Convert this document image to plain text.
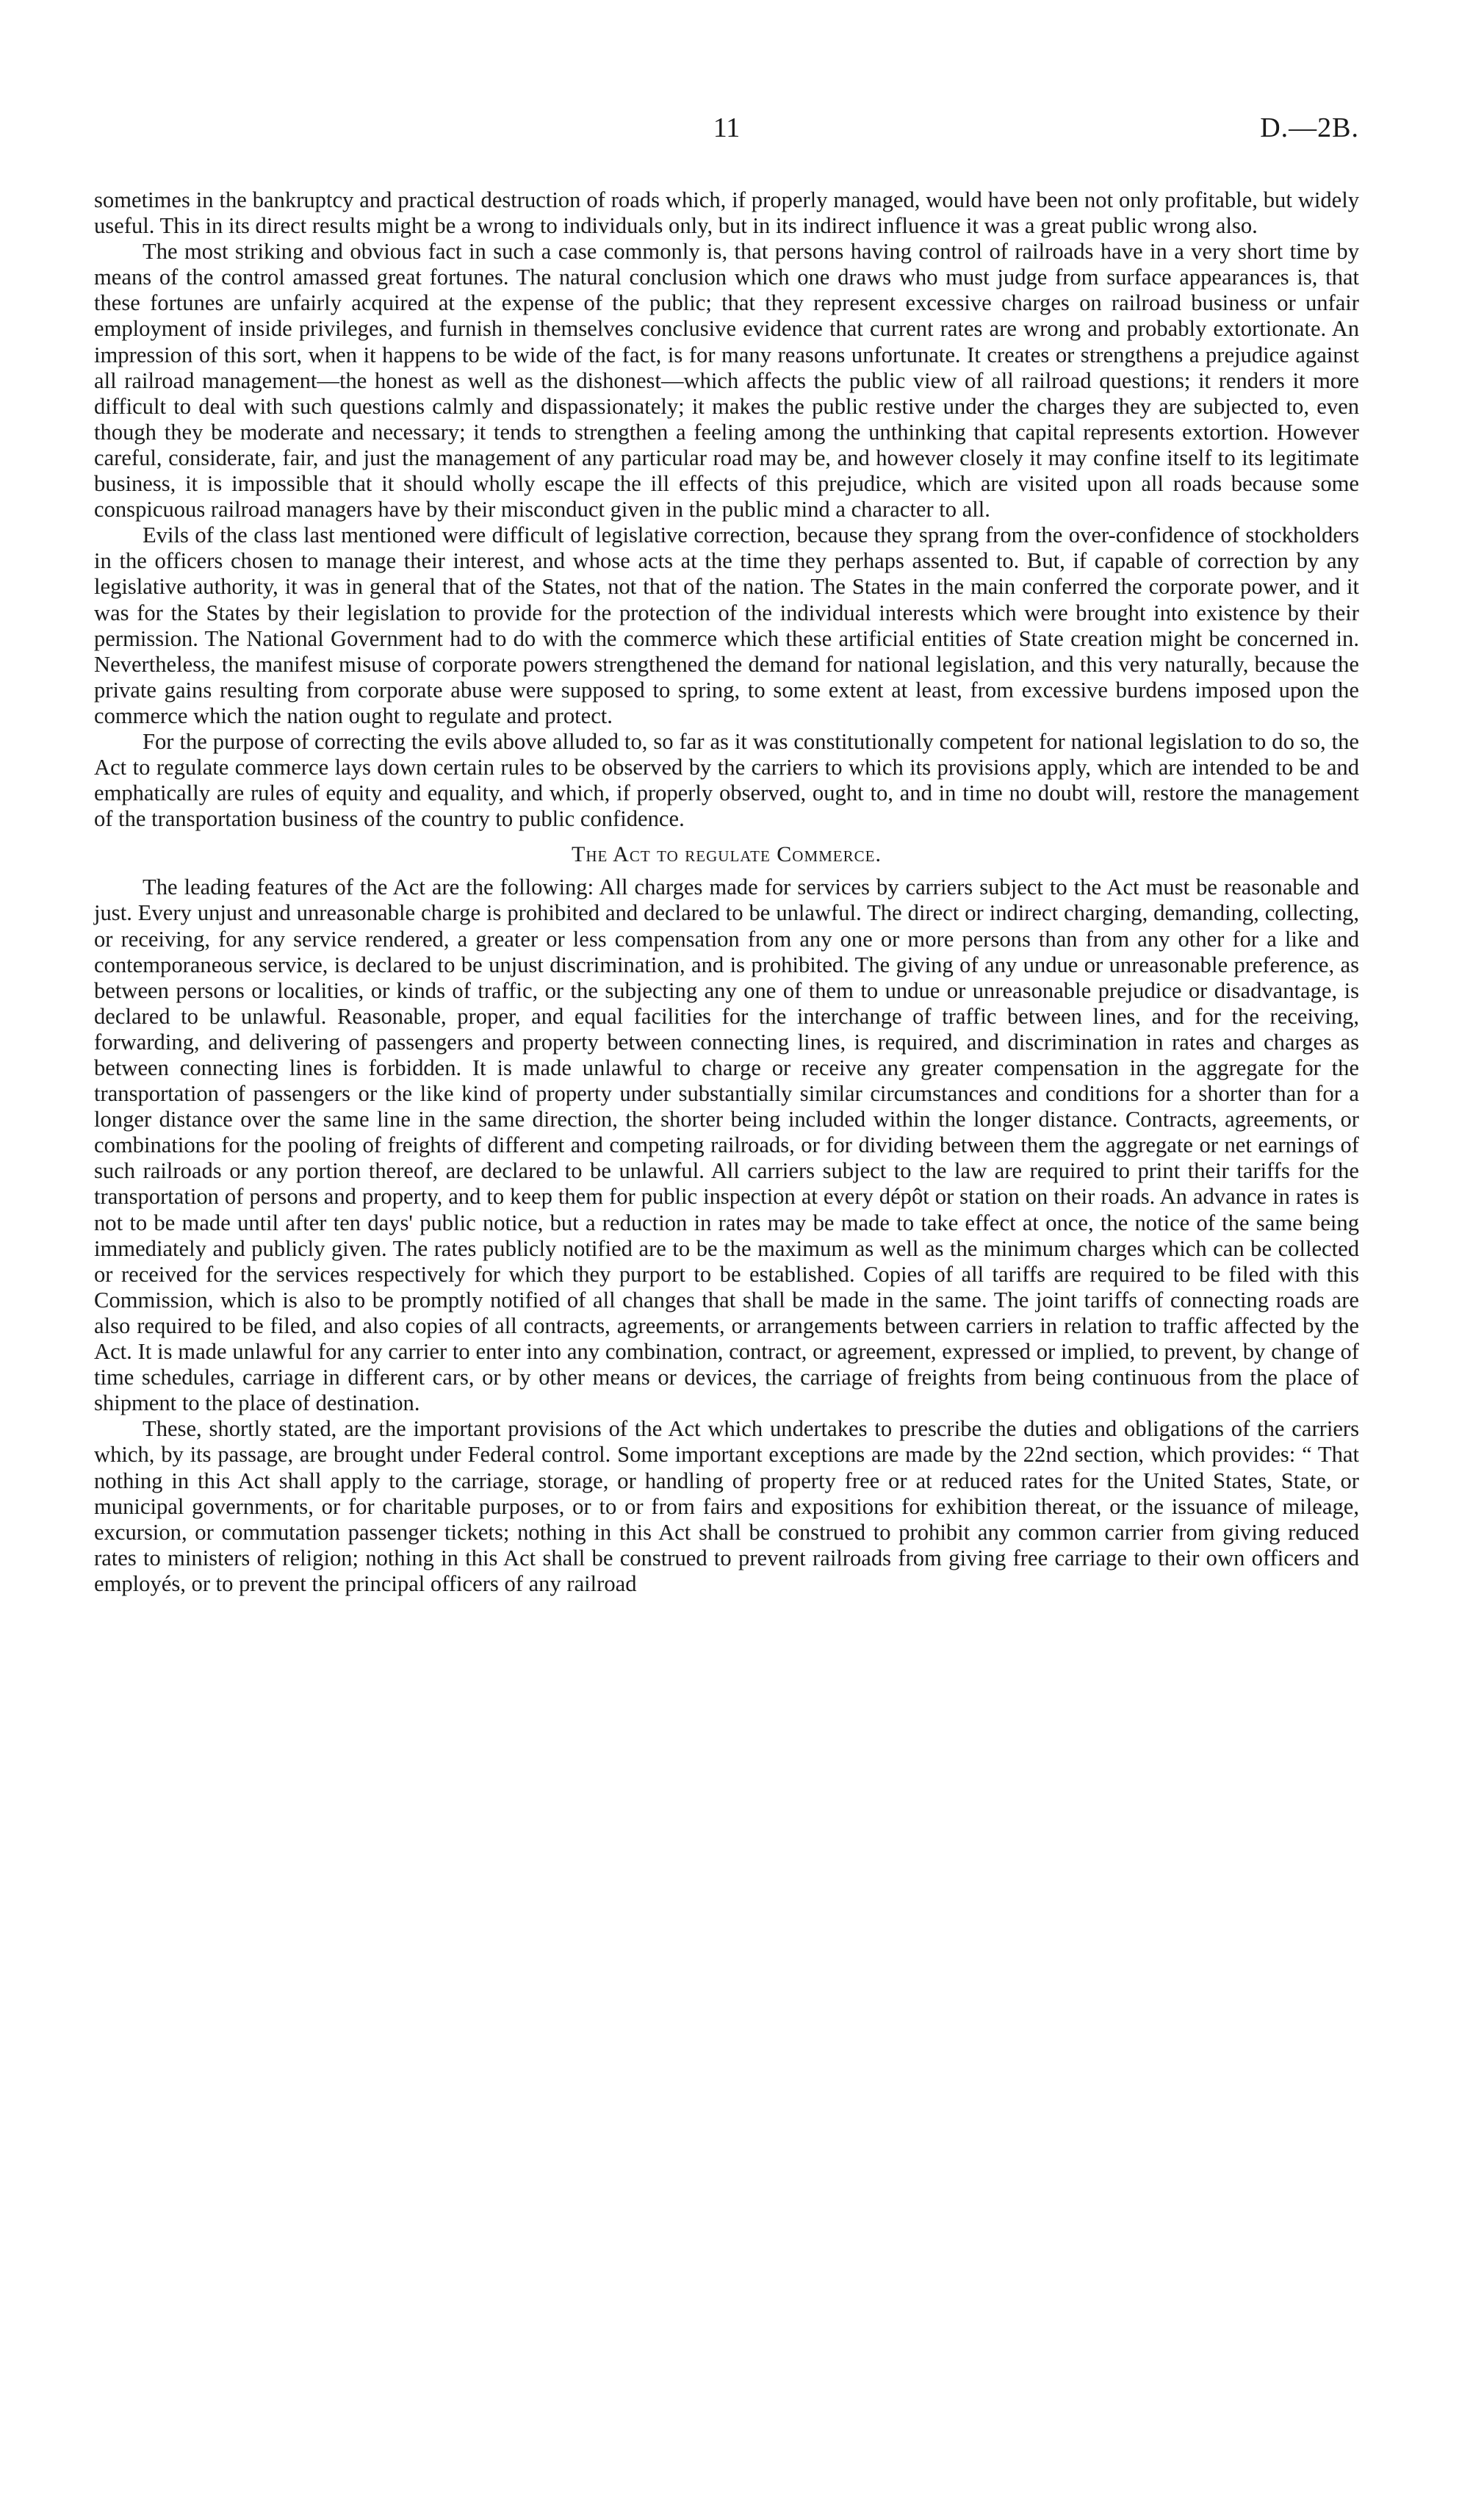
11	D.—2B.

sometimes in the bankruptcy and practical destruction of roads which, if properly managed, would have been not only profitable, but widely useful. This in its direct results might be a wrong to individuals only, but in its indirect influence it was a great public wrong also.

The most striking and obvious fact in such a case commonly is, that persons having control of railroads have in a very short time by means of the control amassed great fortunes. The natural conclusion which one draws who must judge from surface appearances is, that these fortunes are unfairly acquired at the expense of the public; that they represent excessive charges on railroad business or unfair employment of inside privileges, and furnish in themselves conclusive evidence that current rates are wrong and probably extortionate. An impression of this sort, when it happens to be wide of the fact, is for many reasons unfortunate. It creates or strengthens a prejudice against all railroad management—the honest as well as the dishonest—which affects the public view of all railroad questions; it renders it more difficult to deal with such questions calmly and dispassionately; it makes the public restive under the charges they are subjected to, even though they be moderate and necessary; it tends to strengthen a feeling among the unthinking that capital represents extortion. However careful, considerate, fair, and just the management of any particular road may be, and however closely it may confine itself to its legitimate business, it is impossible that it should wholly escape the ill effects of this prejudice, which are visited upon all roads because some conspicuous railroad managers have by their misconduct given in the public mind a character to all.

Evils of the class last mentioned were difficult of legislative correction, because they sprang from the over-confidence of stockholders in the officers chosen to manage their interest, and whose acts at the time they perhaps assented to. But, if capable of correction by any legislative authority, it was in general that of the States, not that of the nation. The States in the main conferred the corporate power, and it was for the States by their legislation to provide for the protection of the individual interests which were brought into existence by their permission. The National Government had to do with the commerce which these artificial entities of State creation might be concerned in. Nevertheless, the manifest misuse of corporate powers strengthened the demand for national legislation, and this very naturally, because the private gains resulting from corporate abuse were supposed to spring, to some extent at least, from excessive burdens imposed upon the commerce which the nation ought to regulate and protect.

For the purpose of correcting the evils above alluded to, so far as it was constitutionally competent for national legislation to do so, the Act to regulate commerce lays down certain rules to be observed by the carriers to which its provisions apply, which are intended to be and emphatically are rules of equity and equality, and which, if properly observed, ought to, and in time no doubt will, restore the management of the transportation business of the country to public confidence.

The Act to regulate Commerce.

The leading features of the Act are the following: All charges made for services by carriers subject to the Act must be reasonable and just. Every unjust and unreasonable charge is prohibited and declared to be unlawful. The direct or indirect charging, demanding, collecting, or receiving, for any service rendered, a greater or less compensation from any one or more persons than from any other for a like and contemporaneous service, is declared to be unjust discrimination, and is prohibited. The giving of any undue or unreasonable preference, as between persons or localities, or kinds of traffic, or the subjecting any one of them to undue or unreasonable prejudice or disadvantage, is declared to be unlawful. Reasonable, proper, and equal facilities for the interchange of traffic between lines, and for the receiving, forwarding, and delivering of passengers and property between connecting lines, is required, and discrimination in rates and charges as between connecting lines is forbidden. It is made unlawful to charge or receive any greater compensation in the aggregate for the transportation of passengers or the like kind of property under substantially similar circumstances and conditions for a shorter than for a longer distance over the same line in the same direction, the shorter being included within the longer distance. Contracts, agreements, or combinations for the pooling of freights of different and competing railroads, or for dividing between them the aggregate or net earnings of such railroads or any portion thereof, are declared to be unlawful. All carriers subject to the law are required to print their tariffs for the transportation of persons and property, and to keep them for public inspection at every dépôt or station on their roads. An advance in rates is not to be made until after ten days' public notice, but a reduction in rates may be made to take effect at once, the notice of the same being immediately and publicly given. The rates publicly notified are to be the maximum as well as the minimum charges which can be collected or received for the services respectively for which they purport to be established. Copies of all tariffs are required to be filed with this Commission, which is also to be promptly notified of all changes that shall be made in the same. The joint tariffs of connecting roads are also required to be filed, and also copies of all contracts, agreements, or arrangements between carriers in relation to traffic affected by the Act. It is made unlawful for any carrier to enter into any combination, contract, or agreement, expressed or implied, to prevent, by change of time schedules, carriage in different cars, or by other means or devices, the carriage of freights from being continuous from the place of shipment to the place of destination.

These, shortly stated, are the important provisions of the Act which undertakes to prescribe the duties and obligations of the carriers which, by its passage, are brought under Federal control. Some important exceptions are made by the 22nd section, which provides: “ That nothing in this Act shall apply to the carriage, storage, or handling of property free or at reduced rates for the United States, State, or municipal governments, or for charitable purposes, or to or from fairs and expositions for exhibition thereat, or the issuance of mileage, excursion, or commutation passenger tickets; nothing in this Act shall be construed to prohibit any common carrier from giving reduced rates to ministers of religion; nothing in this Act shall be construed to prevent railroads from giving free carriage to their own officers and employés, or to prevent the principal officers of any railroad
